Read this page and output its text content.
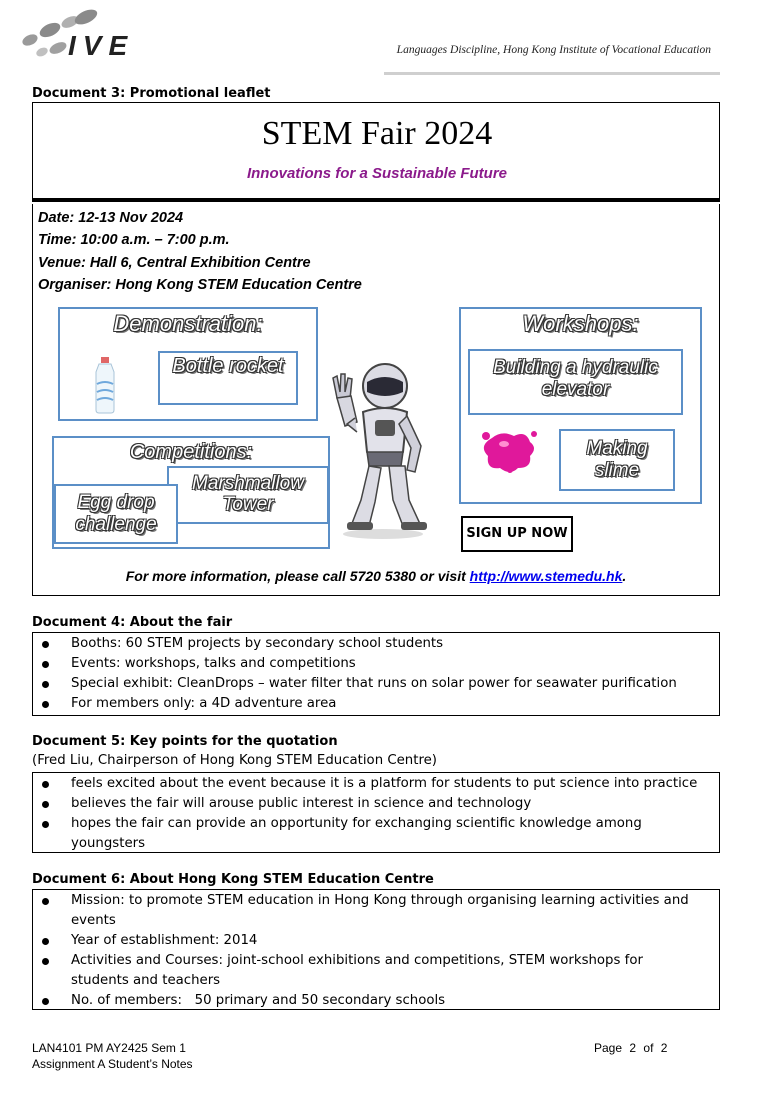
IVE	Languages Discipline, Hong Kong Institute of Vocational Education
Document 3: Promotional leaflet
STEM Fair 2024
Innovations for a Sustainable Future
Date: 12-13 Nov 2024
Time: 10:00 a.m. – 7:00 p.m.
Venue: Hall 6, Central Exhibition Centre
Organiser: Hong Kong STEM Education Centre
Demonstration:
Bottle rocket
Competitions:
Marshmallow Tower
Egg drop challenge
Workshops:
Building a hydraulic elevator
Making slime
SIGN UP NOW
For more information, please call 5720 5380 or visit http://www.stemedu.hk.
Document 4: About the fair
Booths: 60 STEM projects by secondary school students
Events: workshops, talks and competitions
Special exhibit: CleanDrops – water filter that runs on solar power for seawater purification
For members only: a 4D adventure area
Document 5: Key points for the quotation
(Fred Liu, Chairperson of Hong Kong STEM Education Centre)
feels excited about the event because it is a platform for students to put science into practice
believes the fair will arouse public interest in science and technology
hopes the fair can provide an opportunity for exchanging scientific knowledge among youngsters
Document 6: About Hong Kong STEM Education Centre
Mission: to promote STEM education in Hong Kong through organising learning activities and events
Year of establishment: 2014
Activities and Courses: joint-school exhibitions and competitions, STEM workshops for students and teachers
No. of members:   50 primary and 50 secondary schools
LAN4101 PM AY2425 Sem 1
Assignment A Student’s Notes
Page 2 of 2
